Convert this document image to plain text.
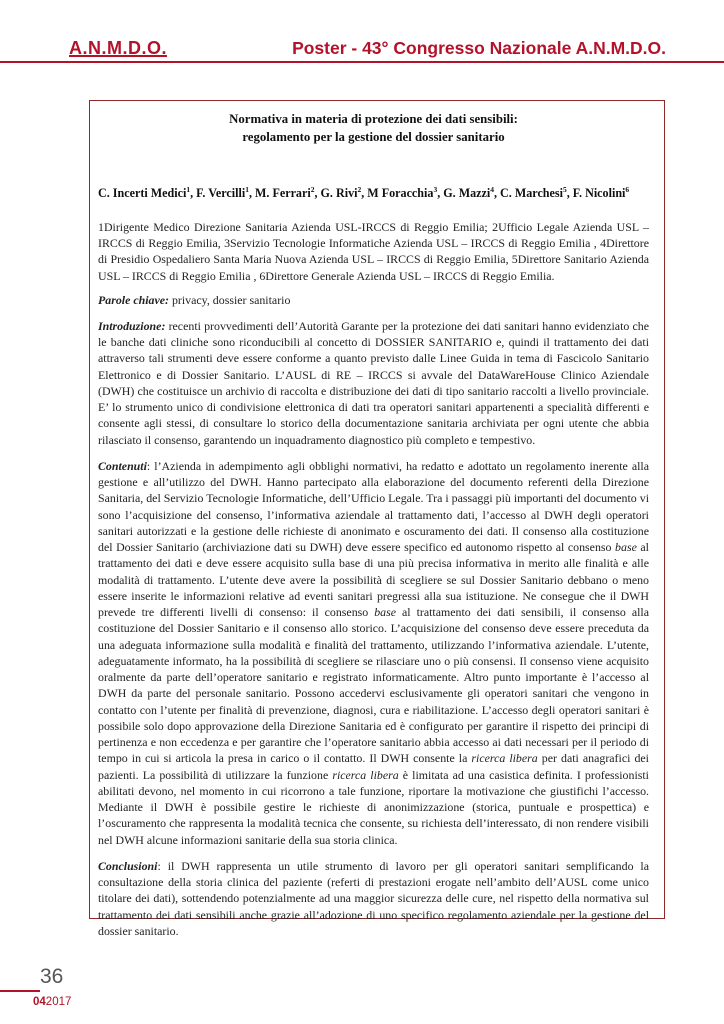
A.N.M.D.O.	Poster - 43° Congresso Nazionale A.N.M.D.O.

Normativa in materia di protezione dei dati sensibili:
regolamento per la gestione del dossier sanitario

C. Incerti Medici$^1$, F. Vercilli$^1$, M. Ferrari$^2$, G. Rivi$^2$, M Foracchia$^3$, G. Mazzi$^4$, C. Marchesi$^5$, F. Nicolini$^6$

1Dirigente Medico Direzione Sanitaria Azienda USL-IRCCS di Reggio Emilia; 2Ufficio Legale Azienda USL – IRCCS di Reggio Emilia, 3Servizio Tecnologie Informatiche Azienda USL – IRCCS di Reggio Emilia , 4Direttore di Presidio Ospedaliero Santa Maria Nuova Azienda USL – IRCCS di Reggio Emilia, 5Direttore Sanitario Azienda USL – IRCCS di Reggio Emilia , 6Direttore Generale Azienda USL – IRCCS di Reggio Emilia.

Parole chiave: privacy, dossier sanitario

Introduzione: recenti provvedimenti dell’Autorità Garante per la protezione dei dati sanitari hanno evidenziato che le banche dati cliniche sono riconducibili al concetto di DOSSIER SANITARIO e, quindi il trattamento dei dati attraverso tali strumenti deve essere conforme a quanto previsto dalle Linee Guida in tema di Fascicolo Sanitario Elettronico e di Dossier Sanitario. L’AUSL di RE – IRCCS si avvale del DataWareHouse Clinico Aziendale (DWH) che costituisce un archivio di raccolta e distribuzione dei dati di tipo sanitario raccolti a livello provinciale. E’ lo strumento unico di condivisione elettronica di dati tra operatori sanitari appartenenti a specialità differenti e consente agli stessi, di consultare lo storico della documentazione sanitaria archiviata per ogni utente che abbia rilasciato il consenso, garantendo un inquadramento diagnostico più completo e tempestivo.

Contenuti: l’Azienda in adempimento agli obblighi normativi, ha redatto e adottato un regolamento inerente alla gestione e all’utilizzo del DWH. Hanno partecipato alla elaborazione del documento referenti della Direzione Sanitaria, del Servizio Tecnologie Informatiche, dell’Ufficio Legale. Tra i passaggi più importanti del documento vi sono l’acquisizione del consenso, l’informativa aziendale al trattamento dati, l’accesso al DWH degli operatori sanitari autorizzati e la gestione delle richieste di anonimato e oscuramento dei dati. Il consenso alla costituzione del Dossier Sanitario (archiviazione dati su DWH) deve essere specifico ed autonomo rispetto al consenso base al trattamento dei dati e deve essere acquisito sulla base di una più precisa informativa in merito alle finalità e alle modalità di trattamento. L’utente deve avere la possibilità di scegliere se sul Dossier Sanitario debbano o meno essere inserite le informazioni relative ad eventi sanitari pregressi alla sua istituzione. Ne consegue che il DWH prevede tre differenti livelli di consenso: il consenso base al trattamento dei dati sensibili, il consenso alla costituzione del Dossier Sanitario e il consenso allo storico. L’acquisizione del consenso deve essere preceduta da una adeguata informazione sulla modalità e finalità del trattamento, utilizzando l’informativa aziendale. L’utente, adeguatamente informato, ha la possibilità di scegliere se rilasciare uno o più consensi. Il consenso viene acquisito oralmente da parte dell’operatore sanitario e registrato informaticamente. Altro punto importante è l’accesso al DWH da parte del personale sanitario. Possono accedervi esclusivamente gli operatori sanitari che vengono in contatto con l’utente per finalità di prevenzione, diagnosi, cura e riabilitazione. L’accesso degli operatori sanitari è possibile solo dopo approvazione della Direzione Sanitaria ed è configurato per garantire il rispetto dei principi di pertinenza e non eccedenza e per garantire che l’operatore sanitario abbia accesso ai dati necessari per il periodo di tempo in cui si articola la presa in carico o il contatto. Il DWH consente la ricerca libera per dati anagrafici dei pazienti. La possibilità di utilizzare la funzione ricerca libera è limitata ad una casistica definita. I professionisti abilitati devono, nel momento in cui ricorrono a tale funzione, riportare la motivazione che giustifichi l’accesso. Mediante il DWH è possibile gestire le richieste di anonimizzazione (storica, puntuale e prospettica) e l’oscuramento che rappresenta la modalità tecnica che consente, su richiesta dell’interessato, di non rendere visibili nel DWH alcune informazioni sanitarie della sua storia clinica.

Conclusioni: il DWH rappresenta un utile strumento di lavoro per gli operatori sanitari semplificando la consultazione della storia clinica del paziente (referti di prestazioni erogate nell’ambito dell’AUSL come unico titolare dei dati), sottendendo potenzialmente ad una maggior sicurezza delle cure, nel rispetto della normativa sul trattamento dei dati sensibili anche grazie all’adozione di uno specifico regolamento aziendale per la gestione del dossier sanitario.

36
042017
